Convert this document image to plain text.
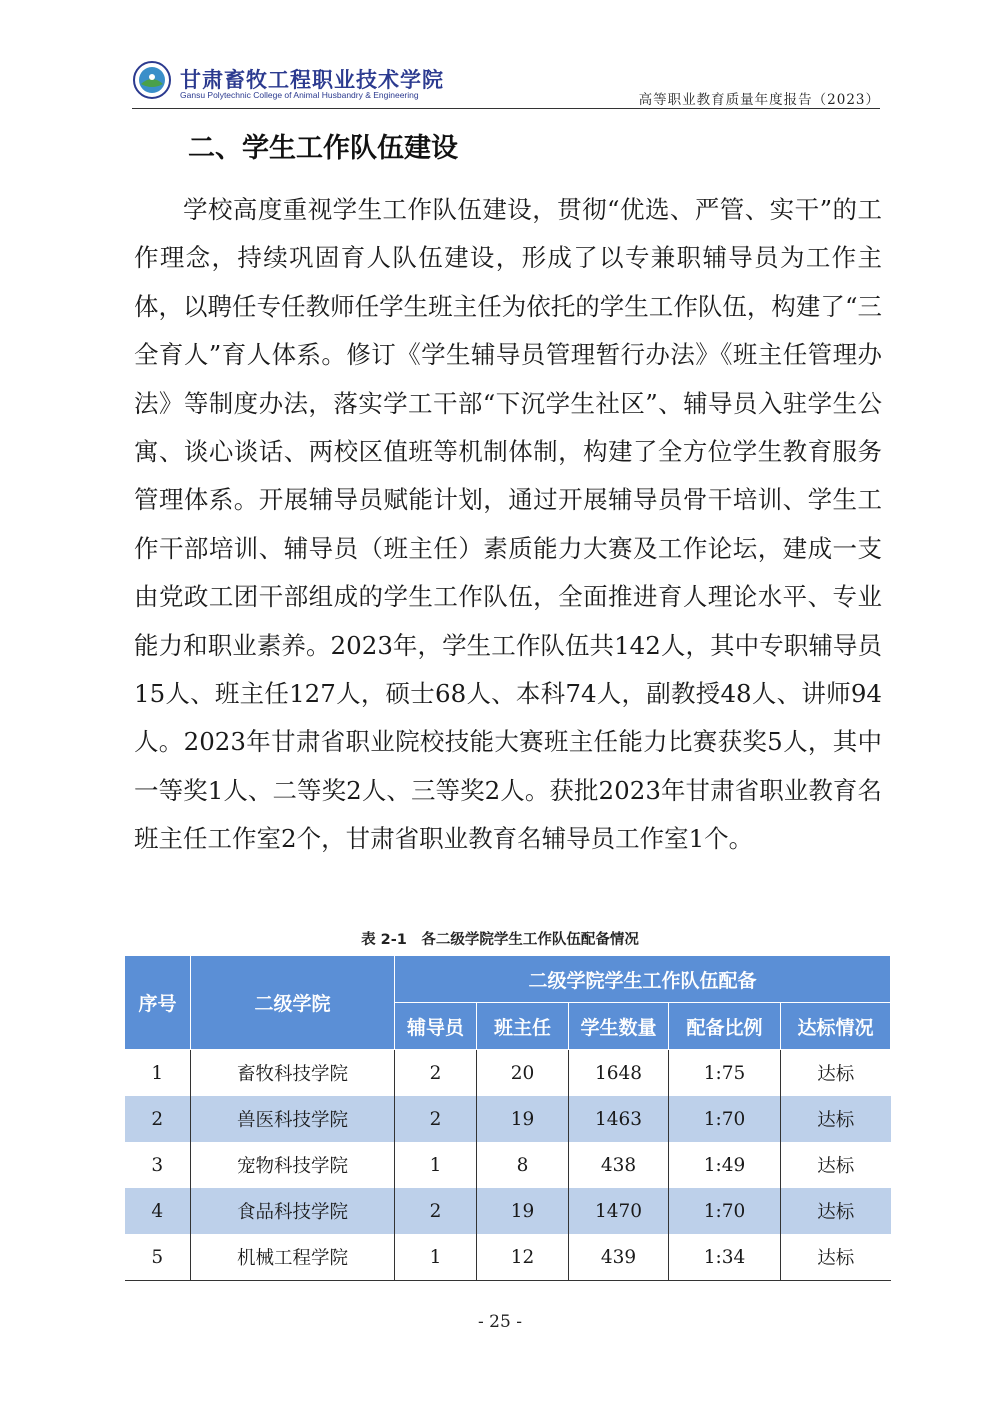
甘肃畜牧工程职业技术学院
Gansu Polytechnic College of Animal Husbandry & Engineering	高等职业教育质量年度报告（2023）
二、学生工作队伍建设
学校高度重视学生工作队伍建设，贯彻“优选、严管、实干”的工作理念，持续巩固育人队伍建设，形成了以专兼职辅导员为工作主体，以聘任专任教师任学生班主任为依托的学生工作队伍，构建了“三全育人”育人体系。修订《学生辅导员管理暂行办法》《班主任管理办法》等制度办法，落实学工干部“下沉学生社区”、辅导员入驻学生公寓、谈心谈话、两校区值班等机制体制，构建了全方位学生教育服务管理体系。开展辅导员赋能计划，通过开展辅导员骨干培训、学生工作干部培训、辅导员（班主任）素质能力大赛及工作论坛，建成一支由党政工团干部组成的学生工作队伍，全面推进育人理论水平、专业能力和职业素养。2023年，学生工作队伍共142人，其中专职辅导员15人、班主任127人，硕士68人、本科74人，副教授48人、讲师94人。2023年甘肃省职业院校技能大赛班主任能力比赛获奖5人，其中一等奖1人、二等奖2人、三等奖2人。获批2023年甘肃省职业教育名班主任工作室2个，甘肃省职业教育名辅导员工作室1个。
表 2-1　各二级学院学生工作队伍配备情况
序号	二级学院	二级学院学生工作队伍配备				
		辅导员	班主任	学生数量	配备比例	达标情况
1	畜牧科技学院	2	20	1648	1:75	达标
2	兽医科技学院	2	19	1463	1:70	达标
3	宠物科技学院	1	8	438	1:49	达标
4	食品科技学院	2	19	1470	1:70	达标
5	机械工程学院	1	12	439	1:34	达标
- 25 -
